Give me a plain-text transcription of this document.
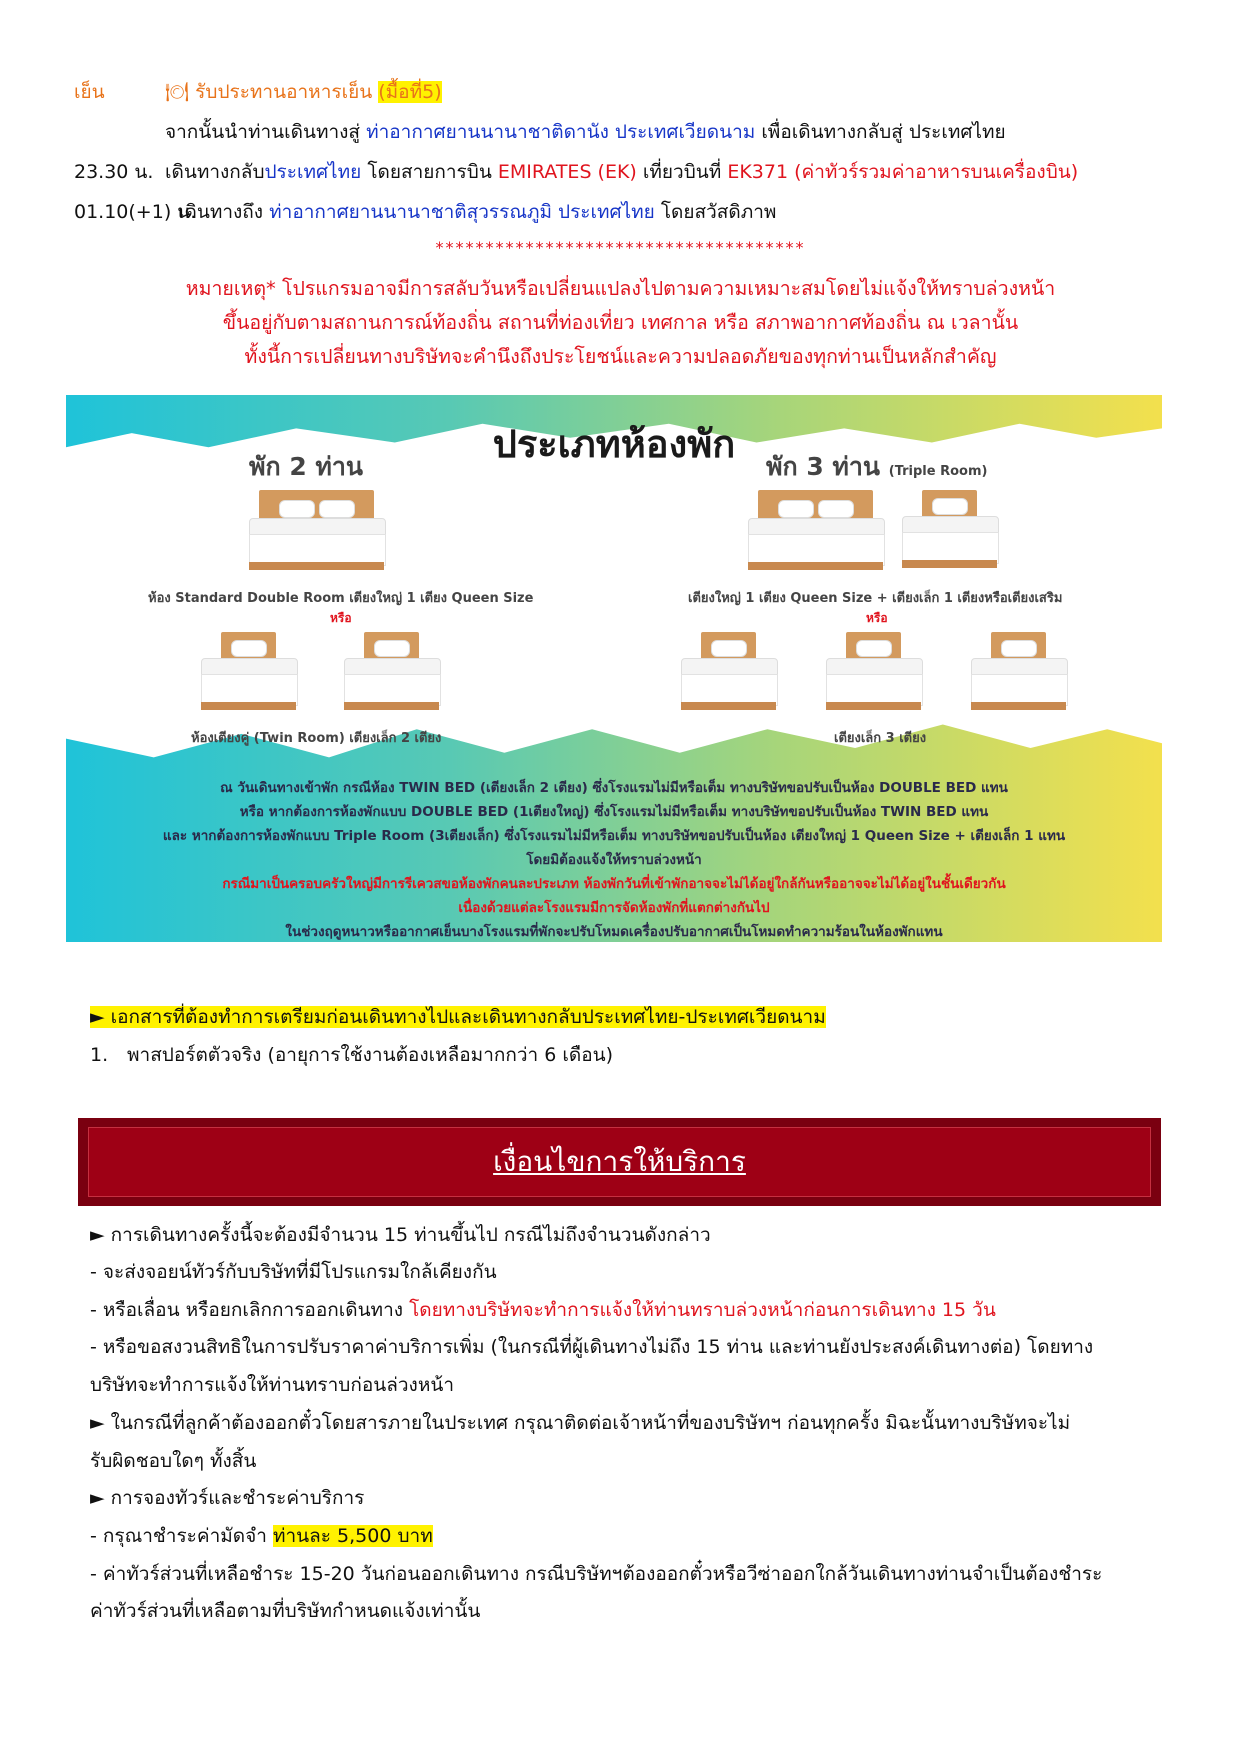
เย็น	🍽 รับประทานอาหารเย็น (มื้อที่5)
จากนั้นนำท่านเดินทางสู่ ท่าอากาศยานนานาชาติดานัง ประเทศเวียดนาม เพื่อเดินทางกลับสู่ ประเทศไทย
23.30 น. เดินทางกลับประเทศไทย โดยสายการบิน EMIRATES (EK) เที่ยวบินที่ EK371 (ค่าทัวร์รวมค่าอาหารบนเครื่องบิน)
01.10(+1) น.
เดินทางถึง ท่าอากาศยานนานาชาติสุวรรณภูมิ ประเทศไทย โดยสวัสดิภาพ
*************************************
หมายเหตุ* โปรแกรมอาจมีการสลับวันหรือเปลี่ยนแปลงไปตามความเหมาะสมโดยไม่แจ้งให้ทราบล่วงหน้า
ขึ้นอยู่กับตามสถานการณ์ท้องถิ่น สถานที่ท่องเที่ยว เทศกาล หรือ สภาพอากาศท้องถิ่น ณ เวลานั้น
ทั้งนี้การเปลี่ยนทางบริษัทจะคำนึงถึงประโยชน์และความปลอดภัยของทุกท่านเป็นหลักสำคัญ
ประเภทห้องพัก
พัก 2 ท่าน	พัก 3 ท่าน (Triple Room)
ห้อง Standard Double Room เตียงใหญ่ 1 เตียง Queen Size
หรือ
ห้องเตียงคู่ (Twin Room) เตียงเล็ก 2 เตียง
เตียงใหญ่ 1 เตียง Queen Size + เตียงเล็ก 1 เตียงหรือเตียงเสริม
หรือ
เตียงเล็ก 3 เตียง
ณ วันเดินทางเข้าพัก กรณีห้อง TWIN BED (เตียงเล็ก 2 เตียง) ซึ่งโรงแรมไม่มีหรือเต็ม ทางบริษัทขอปรับเป็นห้อง DOUBLE BED แทน
หรือ หากต้องการห้องพักแบบ DOUBLE BED (1เตียงใหญ่) ซึ่งโรงแรมไม่มีหรือเต็ม ทางบริษัทขอปรับเป็นห้อง TWIN BED แทน
และ หากต้องการห้องพักแบบ Triple Room (3เตียงเล็ก) ซึ่งโรงแรมไม่มีหรือเต็ม ทางบริษัทขอปรับเป็นห้อง เตียงใหญ่ 1 Queen Size + เตียงเล็ก 1 แทน
โดยมิต้องแจ้งให้ทราบล่วงหน้า
กรณีมาเป็นครอบครัวใหญ่มีการรีเควสขอห้องพักคนละประเภท ห้องพักวันที่เข้าพักอาจจะไม่ได้อยู่ใกล้กันหรืออาจจะไม่ได้อยู่ในชั้นเดียวกัน
เนื่องด้วยแต่ละโรงแรมมีการจัดห้องพักที่แตกต่างกันไป
ในช่วงฤดูหนาวหรืออากาศเย็นบางโรงแรมที่พักจะปรับโหมดเครื่องปรับอากาศเป็นโหมดทำความร้อนในห้องพักแทน
► เอกสารที่ต้องทำการเตรียมก่อนเดินทางไปและเดินทางกลับประเทศไทย-ประเทศเวียดนาม
1. พาสปอร์ตตัวจริง (อายุการใช้งานต้องเหลือมากกว่า 6 เดือน)
เงื่อนไขการให้บริการ
► การเดินทางครั้งนี้จะต้องมีจำนวน 15 ท่านขึ้นไป กรณีไม่ถึงจำนวนดังกล่าว
- จะส่งจอยน์ทัวร์กับบริษัทที่มีโปรแกรมใกล้เคียงกัน
- หรือเลื่อน หรือยกเลิกการออกเดินทาง โดยทางบริษัทจะทำการแจ้งให้ท่านทราบล่วงหน้าก่อนการเดินทาง 15 วัน
- หรือขอสงวนสิทธิในการปรับราคาค่าบริการเพิ่ม (ในกรณีที่ผู้เดินทางไม่ถึง 15 ท่าน และท่านยังประสงค์เดินทางต่อ) โดยทาง
บริษัทจะทำการแจ้งให้ท่านทราบก่อนล่วงหน้า
► ในกรณีที่ลูกค้าต้องออกตั๋วโดยสารภายในประเทศ กรุณาติดต่อเจ้าหน้าที่ของบริษัทฯ ก่อนทุกครั้ง มิฉะนั้นทางบริษัทจะไม่
รับผิดชอบใดๆ ทั้งสิ้น
► การจองทัวร์และชำระค่าบริการ
- กรุณาชำระค่ามัดจำ ท่านละ 5,500 บาท
- ค่าทัวร์ส่วนที่เหลือชำระ 15-20 วันก่อนออกเดินทาง กรณีบริษัทฯต้องออกตั๋วหรือวีซ่าออกใกล้วันเดินทางท่านจำเป็นต้องชำระ
ค่าทัวร์ส่วนที่เหลือตามที่บริษัทกำหนดแจ้งเท่านั้น
